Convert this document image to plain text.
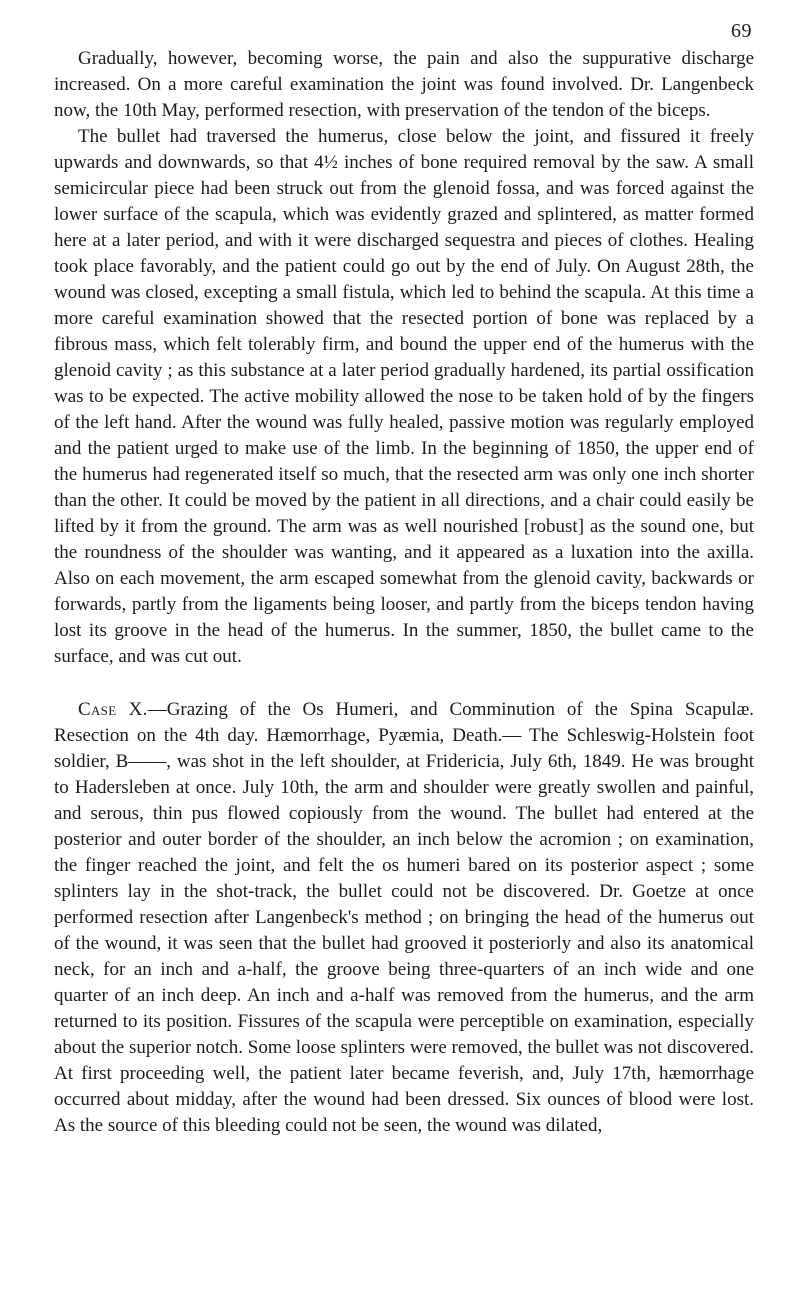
69

Gradually, however, becoming worse, the pain and also the suppurative discharge increased. On a more careful examination the joint was found involved. Dr. Langenbeck now, the 10th May, performed resection, with preservation of the tendon of the biceps.

The bullet had traversed the humerus, close below the joint, and fissured it freely upwards and downwards, so that 4½ inches of bone required removal by the saw. A small semicircular piece had been struck out from the glenoid fossa, and was forced against the lower surface of the scapula, which was evidently grazed and splintered, as matter formed here at a later period, and with it were discharged sequestra and pieces of clothes. Healing took place favorably, and the patient could go out by the end of July. On August 28th, the wound was closed, excepting a small fistula, which led to behind the scapula. At this time a more careful examination showed that the resected portion of bone was replaced by a fibrous mass, which felt tolerably firm, and bound the upper end of the humerus with the glenoid cavity ; as this substance at a later period gradually hardened, its partial ossification was to be expected. The active mobility allowed the nose to be taken hold of by the fingers of the left hand. After the wound was fully healed, passive motion was regularly employed and the patient urged to make use of the limb. In the beginning of 1850, the upper end of the humerus had regenerated itself so much, that the resected arm was only one inch shorter than the other. It could be moved by the patient in all directions, and a chair could easily be lifted by it from the ground. The arm was as well nourished [robust] as the sound one, but the roundness of the shoulder was wanting, and it appeared as a luxation into the axilla. Also on each movement, the arm escaped somewhat from the glenoid cavity, backwards or forwards, partly from the ligaments being looser, and partly from the biceps tendon having lost its groove in the head of the humerus. In the summer, 1850, the bullet came to the surface, and was cut out.

Case X.—Grazing of the Os Humeri, and Comminution of the Spina Scapulæ. Resection on the 4th day. Hæmorrhage, Pyæmia, Death.— The Schleswig-Holstein foot soldier, B——, was shot in the left shoulder, at Fridericia, July 6th, 1849. He was brought to Hadersleben at once. July 10th, the arm and shoulder were greatly swollen and painful, and serous, thin pus flowed copiously from the wound. The bullet had entered at the posterior and outer border of the shoulder, an inch below the acromion ; on examination, the finger reached the joint, and felt the os humeri bared on its posterior aspect ; some splinters lay in the shot-track, the bullet could not be discovered. Dr. Goetze at once performed resection after Langenbeck's method ; on bringing the head of the humerus out of the wound, it was seen that the bullet had grooved it posteriorly and also its anatomical neck, for an inch and a-half, the groove being three-quarters of an inch wide and one quarter of an inch deep. An inch and a-half was removed from the humerus, and the arm returned to its position. Fissures of the scapula were perceptible on examination, especially about the superior notch. Some loose splinters were removed, the bullet was not discovered. At first proceeding well, the patient later became feverish, and, July 17th, hæmorrhage occurred about midday, after the wound had been dressed. Six ounces of blood were lost. As the source of this bleeding could not be seen, the wound was dilated,
